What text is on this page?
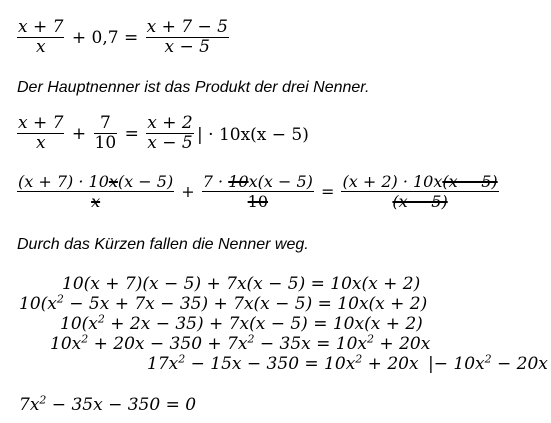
$\frac{x + 7}{x} + 0,7 = \frac{x + 7 - 5}{x - 5}$
Der Hauptnenner ist das Produkt der drei Nenner.
$\frac{x + 7}{x} + \frac{7}{10} = \frac{x + 2}{x - 5}$ | · 10x(x − 5)
$\frac{(x + 7) \cdot 10x(x - 5)}{x} + \frac{7 \cdot 10x(x - 5)}{10} = \frac{(x + 2) \cdot 10x(x - 5)}{(x - 5)}$
Durch das Kürzen fallen die Nenner weg.
10(x + 7)(x − 5) + 7x(x − 5) = 10x(x + 2)
$10(x^2 - 5x + 7x - 35) + 7x(x - 5) = 10x(x + 2)$
$10(x^2 + 2x - 35) + 7x(x - 5) = 10x(x + 2)$
$10x^2 + 20x - 350 + 7x^2 - 35x = 10x^2 + 20x$
$17x^2 - 15x - 350 = 10x^2 + 20x$ |− $10x^2 - 20x$
$7x^2 - 35x - 350 = 0$
